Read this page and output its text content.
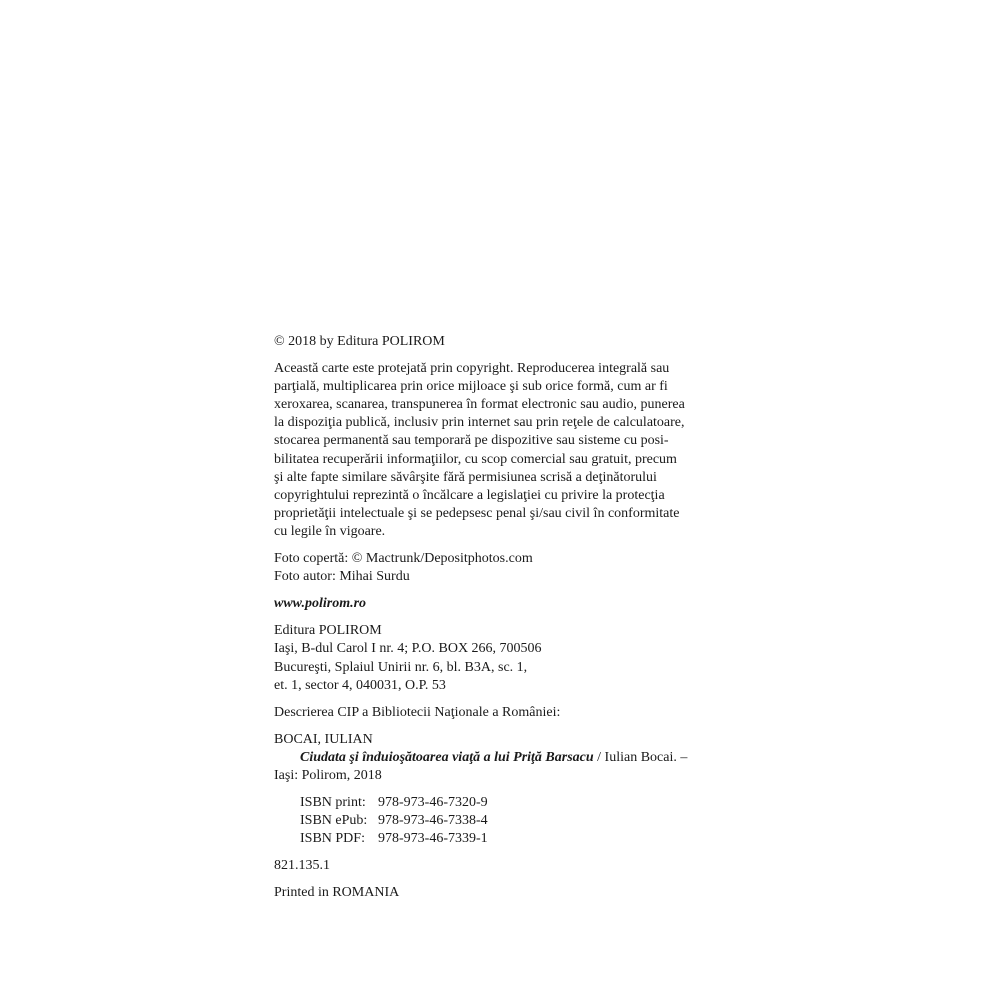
© 2018 by Editura POLIROM
Această carte este protejată prin copyright. Reproducerea integrală sau
parţială, multiplicarea prin orice mijloace şi sub orice formă, cum ar fi
xeroxarea, scanarea, transpunerea în format electronic sau audio, punerea
la dispoziţia publică, inclusiv prin internet sau prin reţele de calculatoare,
stocarea permanentă sau temporară pe dispozitive sau sisteme cu posi-
bilitatea recuperării informaţiilor, cu scop comercial sau gratuit, precum
şi alte fapte similare săvârşite fără permisiunea scrisă a deţinătorului
copyrightului reprezintă o încălcare a legislaţiei cu privire la protecţia
proprietăţii intelectuale şi se pedepsesc penal şi/sau civil în conformitate
cu legile în vigoare.
Foto copertă: © Mactrunk/Depositphotos.com
Foto autor: Mihai Surdu
www.polirom.ro
Editura POLIROM
Iaşi, B-dul Carol I nr. 4; P.O. BOX 266, 700506
Bucureşti, Splaiul Unirii nr. 6, bl. B3A, sc. 1,
et. 1, sector 4, 040031, O.P. 53
Descrierea CIP a Bibliotecii Naţionale a României:
BOCAI, IULIAN
Ciudata şi înduioşătoarea viaţă a lui Priţă Barsacu / Iulian Bocai. –
Iaşi: Polirom, 2018
ISBN print: 978-973-46-7320-9
ISBN ePub: 978-973-46-7338-4
ISBN PDF: 978-973-46-7339-1
821.135.1
Printed in ROMANIA
